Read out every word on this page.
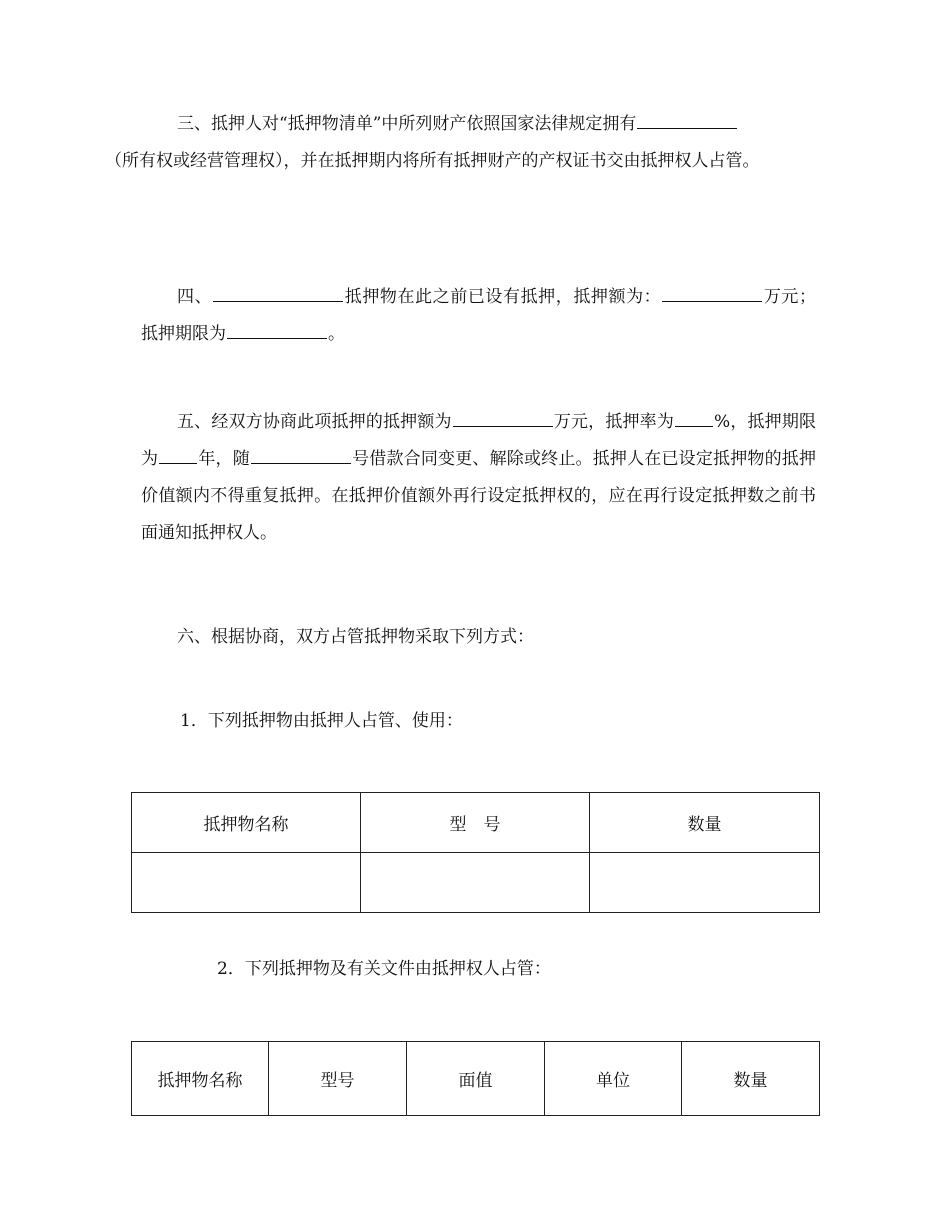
三、抵押人对“抵押物清单”中所列财产依照国家法律规定拥有
（所有权或经营管理权），并在抵押期内将所有抵押财产的产权证书交由抵押权人占管。

四、	抵押物在此之前已设有抵押，抵押额为：	万元；抵押期限为	。

五、经双方协商此项抵押的抵押额为	万元，抵押率为 %，抵押期限为 年，随	号借款合同变更、解除或终止。抵押人在已设定抵押物的抵押价值额内不得重复抵押。在抵押价值额外再行设定抵押权的，应在再行设定抵押数之前书面通知抵押权人。

六、根据协商，双方占管抵押物采取下列方式：

1．下列抵押物由抵押人占管、使用：

抵押物名称	型　号	数量

2．下列抵押物及有关文件由抵押权人占管：

抵押物名称	型号	面值	单位	数量
